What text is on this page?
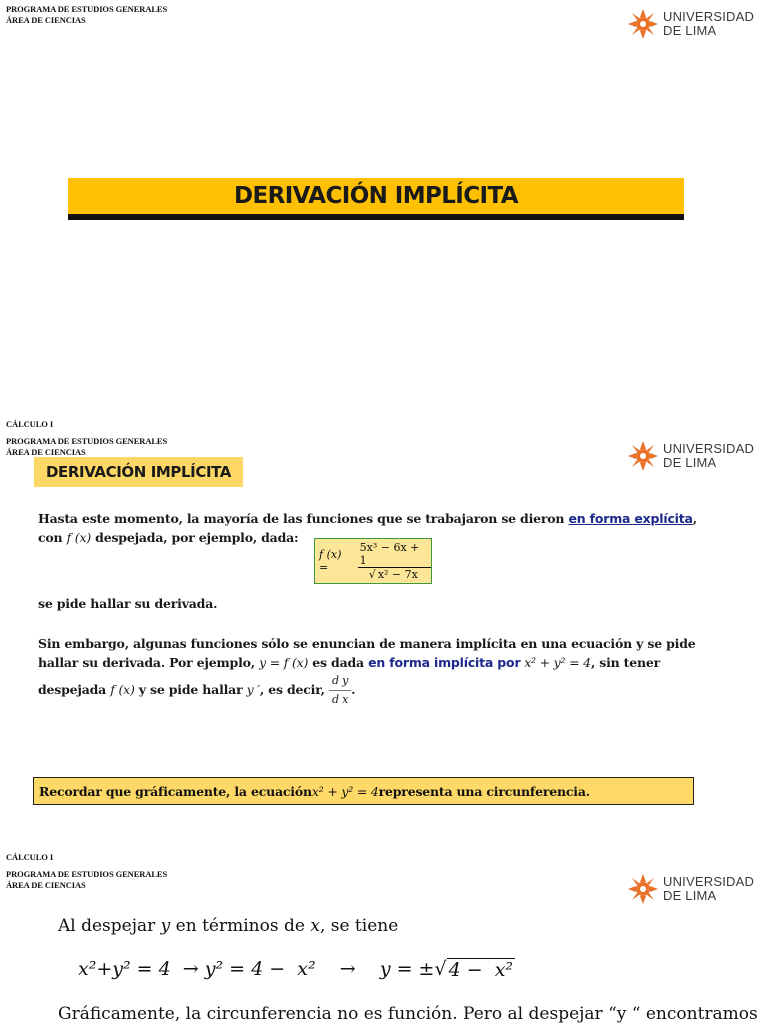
PROGRAMA DE ESTUDIOS GENERALES
ÁREA DE CIENCIAS	UNIVERSIDAD
DE LIMA
DERIVACIÓN IMPLÍCITA
CÁLCULO I
PROGRAMA DE ESTUDIOS GENERALES
ÁREA DE CIENCIAS	UNIVERSIDAD
DE LIMA
DERIVACIÓN IMPLÍCITA
Hasta este momento, la mayoría de las funciones que se trabajaron se dieron en forma explícita,
con f (x) despejada, por ejemplo, dada:
f (x) =	$\frac{\text{5x³ − 6x + 1}}{\text{√ x² − 7x}}$
se pide hallar su derivada.
Sin embargo, algunas funciones sólo se enuncian de manera implícita en una ecuación y se pide
hallar su derivada. Por ejemplo, y = f (x) es dada en forma implícita por x² + y² = 4, sin tener
despejada f (x) y se pide hallar y ′, es decir, $\frac{\text{d y}}{\text{d x}}$ .
Recordar que gráficamente, la ecuación x² + y² = 4 representa una circunferencia.
CÁLCULO I
PROGRAMA DE ESTUDIOS GENERALES
ÁREA DE CIENCIAS	UNIVERSIDAD
DE LIMA
Al despejar y en términos de x, se tiene
x²+y² = 4 → y² = 4 −  x² → y = ± √ 4 −  x²
Gráficamente, la circunferencia no es función. Pero al despejar “y “ encontramos
